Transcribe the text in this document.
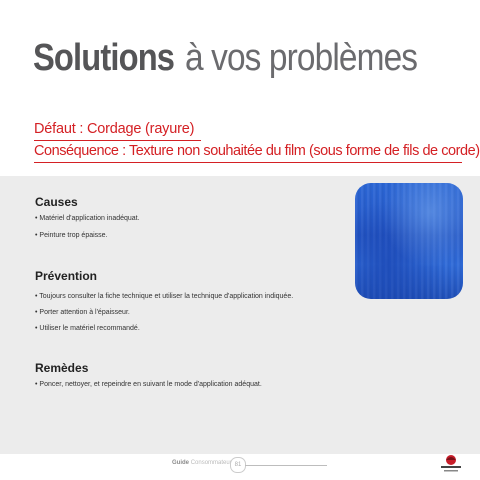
Solutions à vos problèmes
Défaut : Cordage (rayure)
Conséquence : Texture non souhaitée du film (sous forme de fils de corde)
Causes

• Matériel d'application inadéquat.

• Peinture trop épaisse.

Prévention

• Toujours consulter la fiche technique et utiliser la technique d'application indiquée.

• Porter attention à l'épaisseur.

• Utiliser le matériel recommandé.

Remèdes

• Poncer, nettoyer, et repeindre en suivant le mode d'application adéquat.

Guide Consommateur 81
